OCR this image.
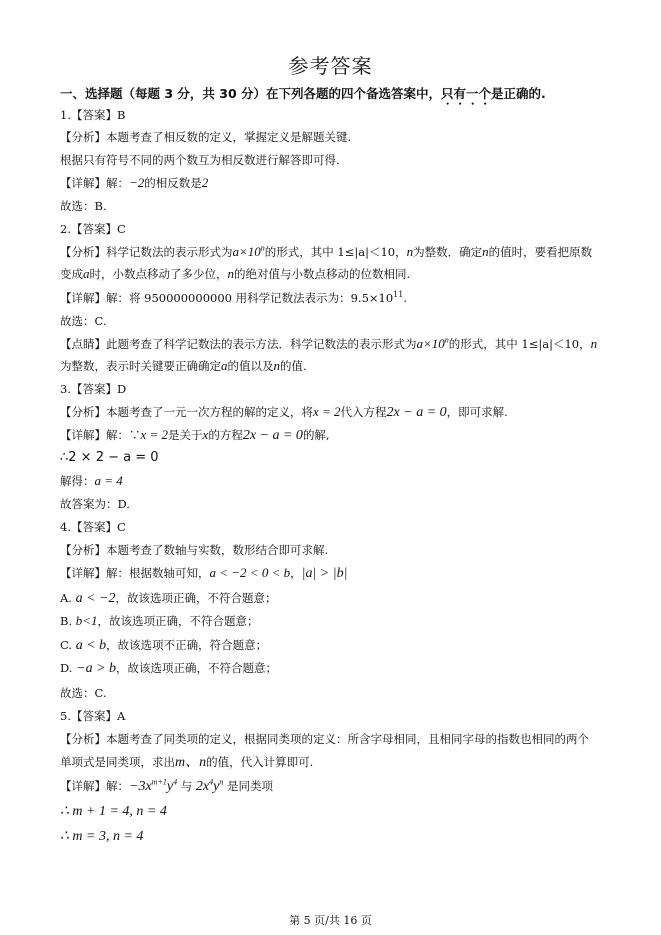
参考答案
一、选择题（每题 3 分，共 30 分）在下列各题的四个备选答案中，只有一个是正确的.
1.【答案】B
【分析】本题考查了相反数的定义，掌握定义是解题关键.
根据只有符号不同的两个数互为相反数进行解答即可得.
【详解】解：−2的相反数是2
故选：B.
2.【答案】C
【分析】科学记数法的表示形式为$a\times 10^n$的形式，其中 1≤|a|＜10，n为整数．确定n的值时，要看把原数
变成a时，小数点移动了多少位，n的绝对值与小数点移动的位数相同.
【详解】解：将 950000000000 用科学记数法表示为：$9.5\times 10^{11}$.
故选：C.
【点睛】此题考查了科学记数法的表示方法．科学记数法的表示形式为$a\times 10^n$的形式，其中 1≤|a|＜10，n
为整数，表示时关键要正确确定a的值以及n的值.
3.【答案】D
【分析】本题考查了一元一次方程的解的定义，将x = 2代入方程2x − a = 0，即可求解.
【详解】解：∵x = 2是关于x的方程2x − a = 0的解,
∴2 × 2 − a = 0
解得：a = 4
故答案为：D.
4.【答案】C
【分析】本题考查了数轴与实数，数形结合即可求解.
【详解】解：根据数轴可知，a < −2 < 0 < b，|a| > |b|
A. a < −2，故该选项正确，不符合题意；
B. b<1，故该选项正确，不符合题意；
C. a < b，故该选项不正确，符合题意；
D. −a > b，故该选项正确，不符合题意；
故选：C.
5.【答案】A
【分析】本题考查了同类项的定义，根据同类项的定义：所含字母相同，且相同字母的指数也相同的两个
单项式是同类项，求出m、n的值，代入计算即可.
【详解】解：$-3x^{m+1}y^4$ 与 $2x^4y^n$ 是同类项
∴ m + 1 = 4, n = 4
∴ m = 3, n = 4
第 5 页/共 16 页
